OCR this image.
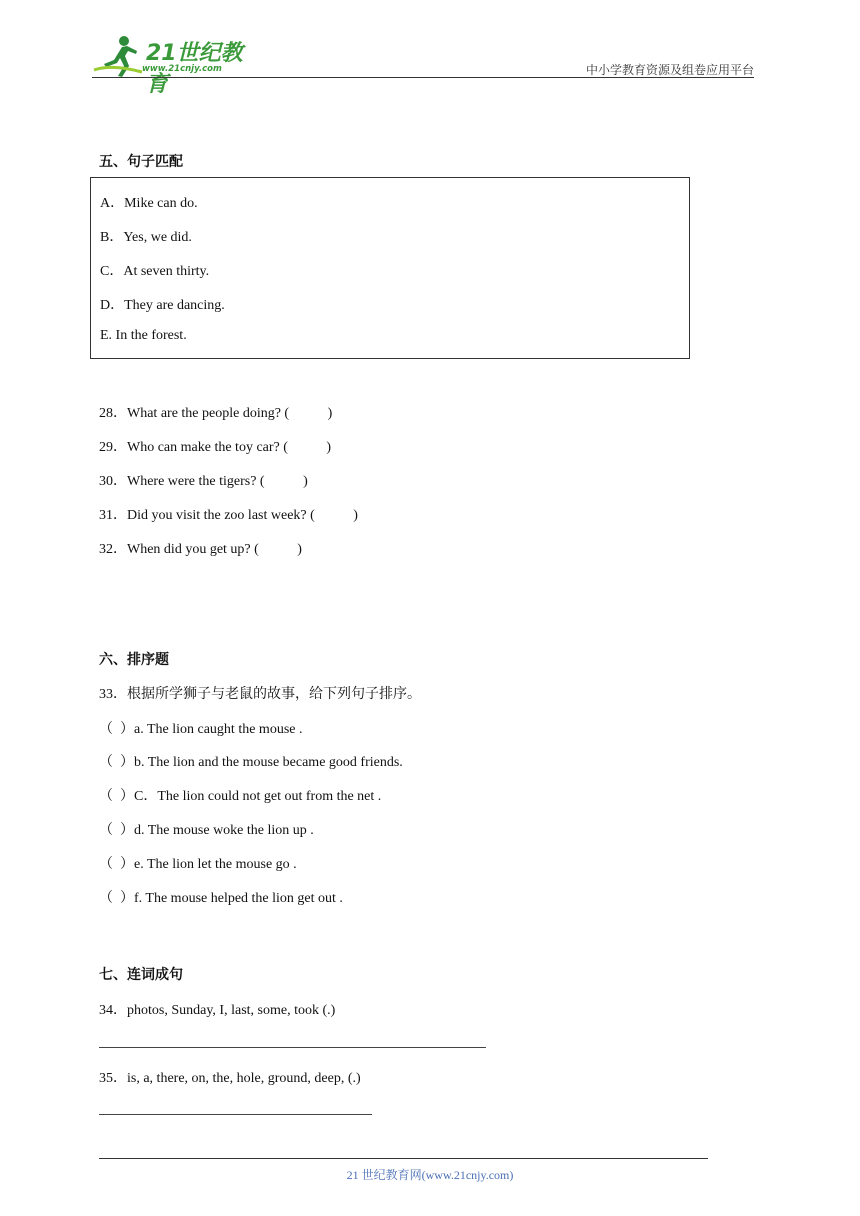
21世纪教育
www.21cnjy.com	中小学教育资源及组卷应用平台
五、句子匹配
A．Mike can do.
B．Yes, we did.
C．At seven thirty.
D．They are dancing.
E. In the forest.
28．What are the people doing? (           )
29．Who can make the toy car? (           )
30．Where were the tigers? (           )
31．Did you visit the zoo last week? (           )
32．When did you get up? (           )
六、排序题
33．根据所学狮子与老鼠的故事，给下列句子排序。
（  ）a. The lion caught the mouse .
（  ）b. The lion and the mouse became good friends.
（  ）C．The lion could not get out from the net .
（  ）d. The mouse woke the lion up .
（  ）e. The lion let the mouse go .
（  ）f. The mouse helped the lion get out .
七、连词成句
34．photos, Sunday, I, last, some, took (.)
35．is, a, there, on, the, hole, ground, deep, (.)
21 世纪教育网(www.21cnjy.com)
